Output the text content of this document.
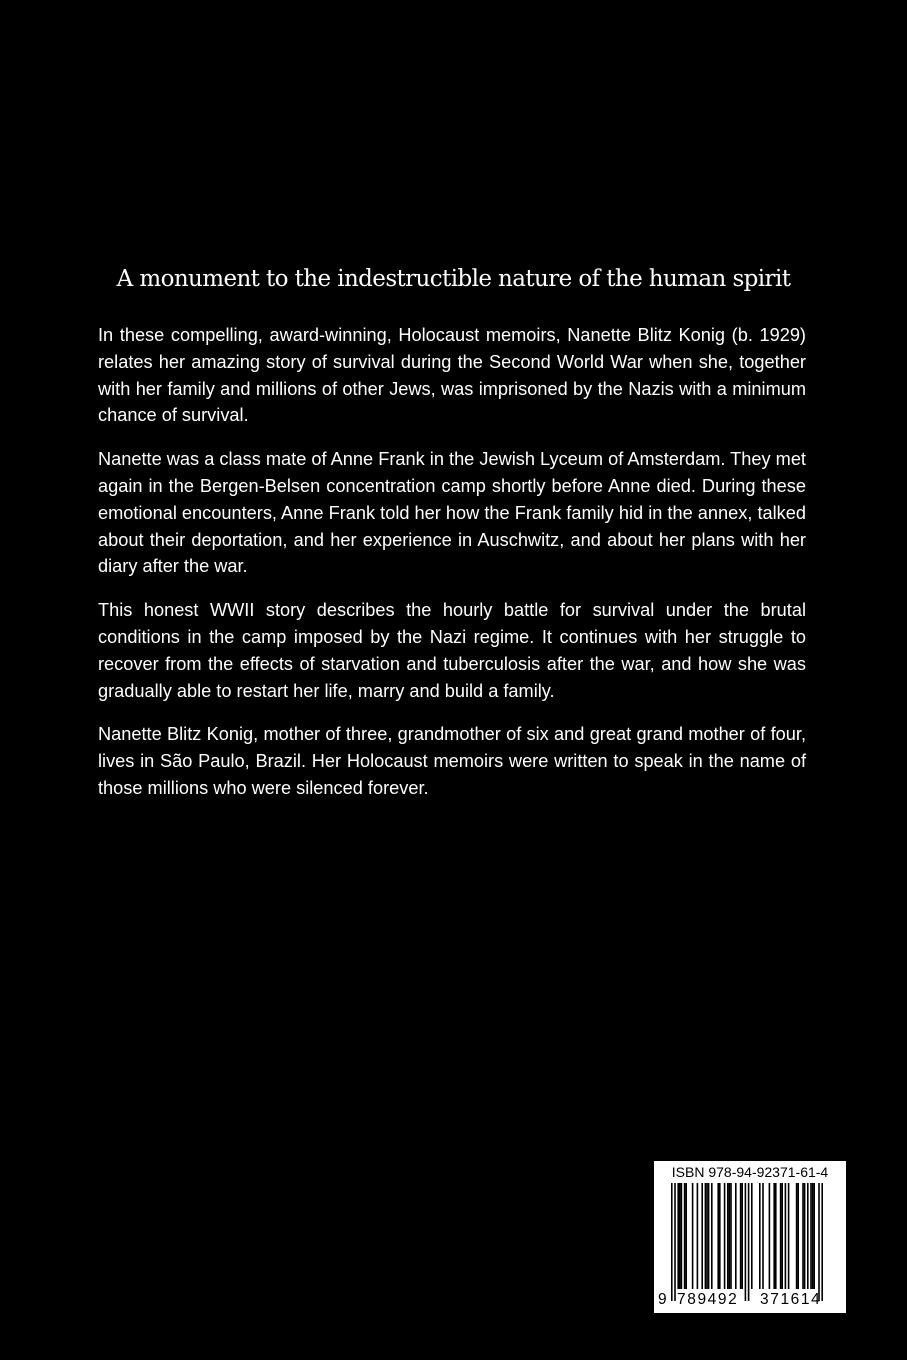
A monument to the indestructible nature of the human spirit

In these compelling, award-winning, Holocaust memoirs, Nanette Blitz Konig (b. 1929) relates her amazing story of survival during the Second World War when she, together with her family and millions of other Jews, was imprisoned by the Nazis with a minimum chance of survival.

Nanette was a class mate of Anne Frank in the Jewish Lyceum of Amsterdam. They met again in the Bergen-Belsen concentration camp shortly before Anne died. During these emotional encounters, Anne Frank told her how the Frank family hid in the annex, talked about their deportation, and her experience in Auschwitz, and about her plans with her diary after the war.

This honest WWII story describes the hourly battle for survival under the brutal conditions in the camp imposed by the Nazi regime. It continues with her struggle to recover from the effects of starvation and tuberculosis after the war, and how she was gradually able to restart her life, marry and build a family.

Nanette Blitz Konig, mother of three, grandmother of six and great grand mother of four, lives in São Paulo, Brazil. Her Holocaust memoirs were written to speak in the name of those millions who were silenced forever.

ISBN 978-94-92371-61-4
9 789492 371614
